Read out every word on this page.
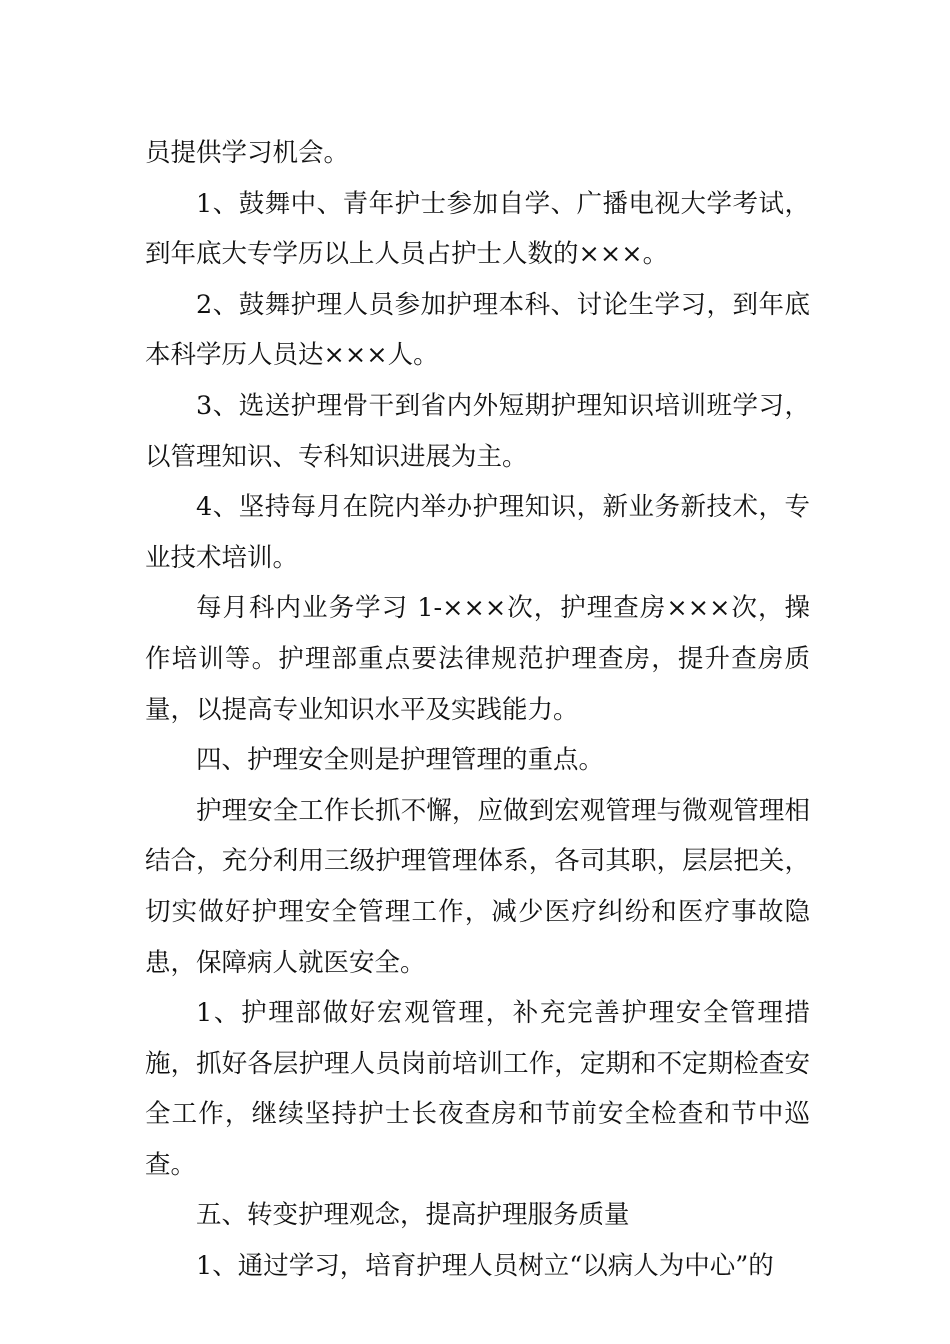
员提供学习机会。

1、鼓舞中、青年护士参加自学、广播电视大学考试，到年底大专学历以上人员占护士人数的×××。

2、鼓舞护理人员参加护理本科、讨论生学习，到年底本科学历人员达×××人。

3、选送护理骨干到省内外短期护理知识培训班学习，以管理知识、专科知识进展为主。

4、坚持每月在院内举办护理知识，新业务新技术，专业技术培训。

每月科内业务学习 1-×××次，护理查房×××次，操作培训等。护理部重点要法律规范护理查房，提升查房质量，以提高专业知识水平及实践能力。

四、护理安全则是护理管理的重点。

护理安全工作长抓不懈，应做到宏观管理与微观管理相结合，充分利用三级护理管理体系，各司其职，层层把关，切实做好护理安全管理工作，减少医疗纠纷和医疗事故隐患，保障病人就医安全。

1、护理部做好宏观管理，补充完善护理安全管理措施，抓好各层护理人员岗前培训工作，定期和不定期检查安全工作，继续坚持护士长夜查房和节前安全检查和节中巡查。

五、转变护理观念，提高护理服务质量

1、通过学习，培育护理人员树立“以病人为中心”的
